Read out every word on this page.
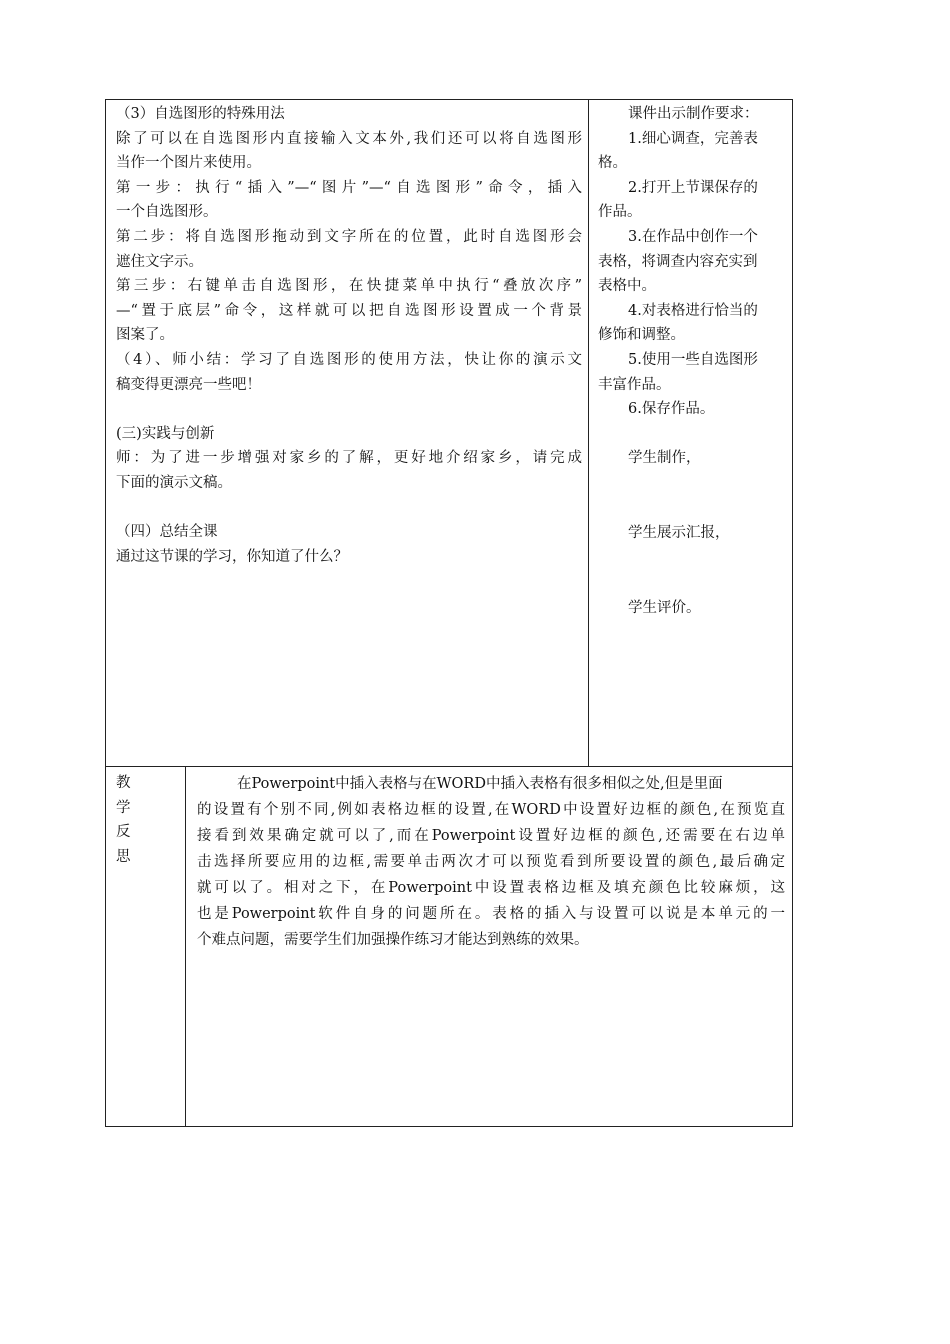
（3）自选图形的特殊用法
除了可以在自选图形内直接输入文本外,我们还可以将自选图形
当作一个图片来使用。
第一步：执行“插入”—“图片”—“自选图形”命令，插入
一个自选图形。
第二步：将自选图形拖动到文字所在的位置，此时自选图形会
遮住文字示。
第三步：右键单击自选图形，在快捷菜单中执行“叠放次序”
—“置于底层”命令，这样就可以把自选图形设置成一个背景
图案了。
（4）、师小结：学习了自选图形的使用方法，快让你的演示文
稿变得更漂亮一些吧！
(三)实践与创新
师：为了进一步增强对家乡的了解，更好地介绍家乡，请完成
下面的演示文稿。
（四）总结全课
通过这节课的学习，你知道了什么？
课件出示制作要求：
1.细心调查，完善表
格。
2.打开上节课保存的
作品。
3.在作品中创作一个
表格，将调查内容充实到
表格中。
4.对表格进行恰当的
修饰和调整。
5.使用一些自选图形
丰富作品。
6.保存作品。
学生制作，
学生展示汇报，
学生评价。
教
学
反
思
在Powerpoint中插入表格与在WORD中插入表格有很多相似之处,但是里面
的设置有个别不同,例如表格边框的设置,在WORD中设置好边框的颜色,在预览直
接看到效果确定就可以了,而在Powerpoint设置好边框的颜色,还需要在右边单
击选择所要应用的边框,需要单击两次才可以预览看到所要设置的颜色,最后确定
就可以了。相对之下，在Powerpoint中设置表格边框及填充颜色比较麻烦，这
也是Powerpoint软件自身的问题所在。表格的插入与设置可以说是本单元的一
个难点问题，需要学生们加强操作练习才能达到熟练的效果。
